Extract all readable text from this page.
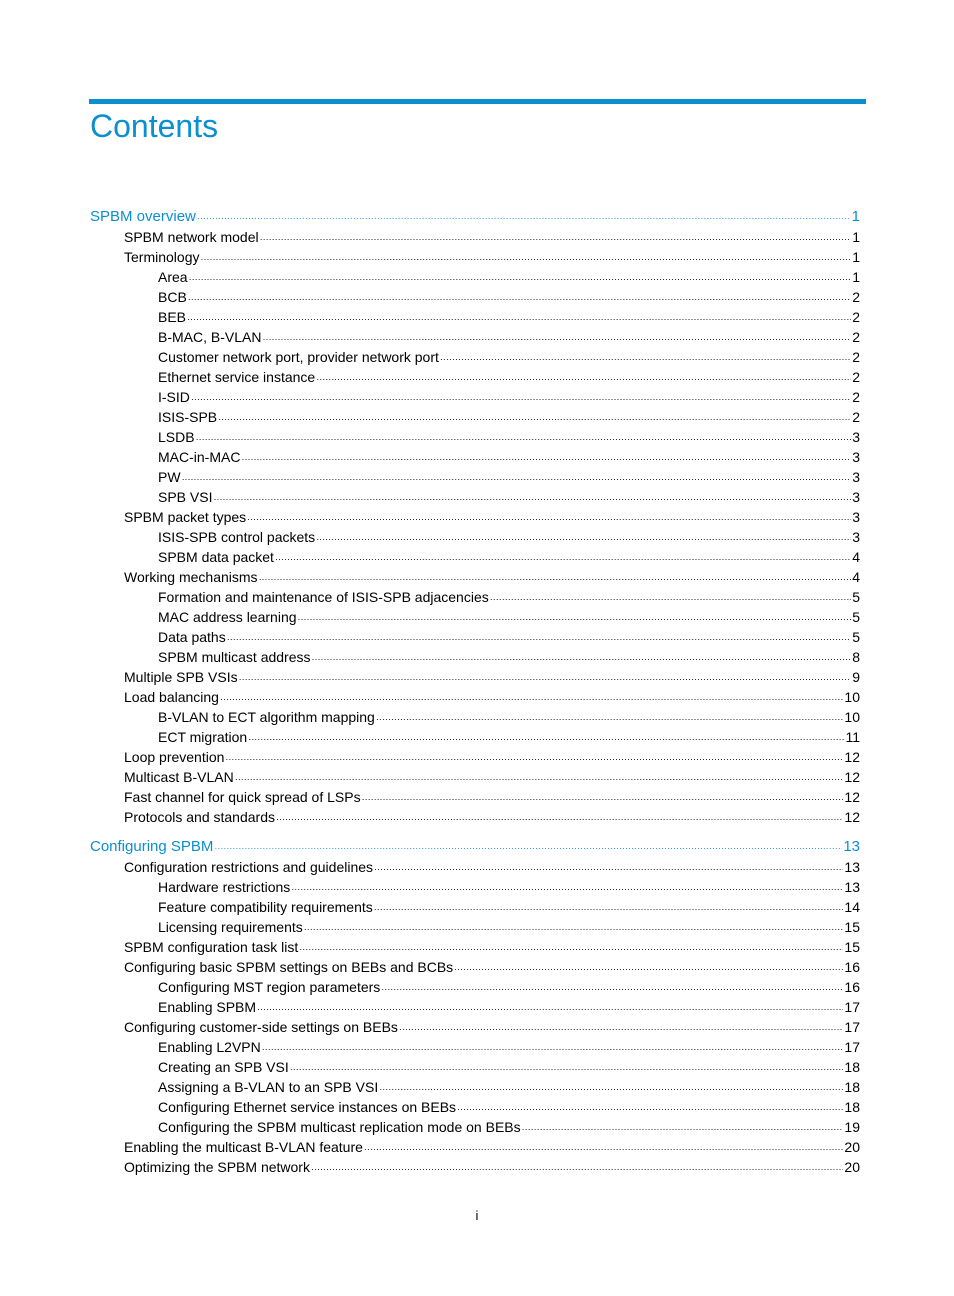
Contents
SPBM overview ·····	1
SPBM network model ·····	1
Terminology ·····	1
Area ·····	1
BCB ·····	2
BEB ·····	2
B-MAC, B-VLAN ·····	2
Customer network port, provider network port ·····	2
Ethernet service instance ·····	2
I-SID ·····	2
ISIS-SPB ·····	2
LSDB ·····	3
MAC-in-MAC ·····	3
PW ·····	3
SPB VSI ·····	3
SPBM packet types ·····	3
ISIS-SPB control packets ·····	3
SPBM data packet ·····	4
Working mechanisms ·····	4
Formation and maintenance of ISIS-SPB adjacencies ·····	5
MAC address learning ·····	5
Data paths ·····	5
SPBM multicast address ·····	8
Multiple SPB VSIs ·····	9
Load balancing ·····	10
B-VLAN to ECT algorithm mapping ·····	10
ECT migration ·····	11
Loop prevention ·····	12
Multicast B-VLAN ·····	12
Fast channel for quick spread of LSPs ·····	12
Protocols and standards ·····	12
Configuring SPBM ·····	13
Configuration restrictions and guidelines ·····	13
Hardware restrictions ·····	13
Feature compatibility requirements ·····	14
Licensing requirements ·····	15
SPBM configuration task list ·····	15
Configuring basic SPBM settings on BEBs and BCBs ·····	16
Configuring MST region parameters ·····	16
Enabling SPBM ·····	17
Configuring customer-side settings on BEBs ·····	17
Enabling L2VPN ·····	17
Creating an SPB VSI ·····	18
Assigning a B-VLAN to an SPB VSI ·····	18
Configuring Ethernet service instances on BEBs ·····	18
Configuring the SPBM multicast replication mode on BEBs ·····	19
Enabling the multicast B-VLAN feature ·····	20
Optimizing the SPBM network ·····	20
i
